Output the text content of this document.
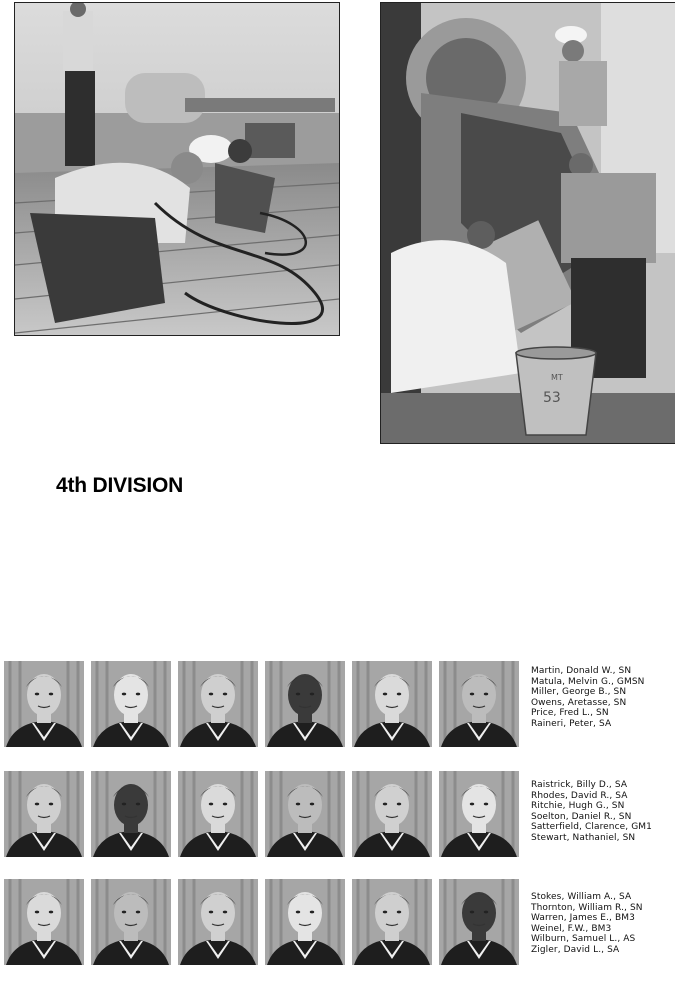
MT
53
4th DIVISION
Martin, Donald W., SN
Matula, Melvin G., GMSN
Miller, George B., SN
Owens, Aretasse, SN
Price, Fred L., SN
Raineri, Peter, SA
Raistrick, Billy D., SA
Rhodes, David R., SA
Ritchie, Hugh G., SN
Soelton, Daniel R., SN
Satterfield, Clarence, GM1
Stewart, Nathaniel, SN
Stokes, William A., SA
Thornton, William R., SN
Warren, James E., BM3
Weinel, F.W., BM3
Wilburn, Samuel L., AS
Zigler, David L., SA
